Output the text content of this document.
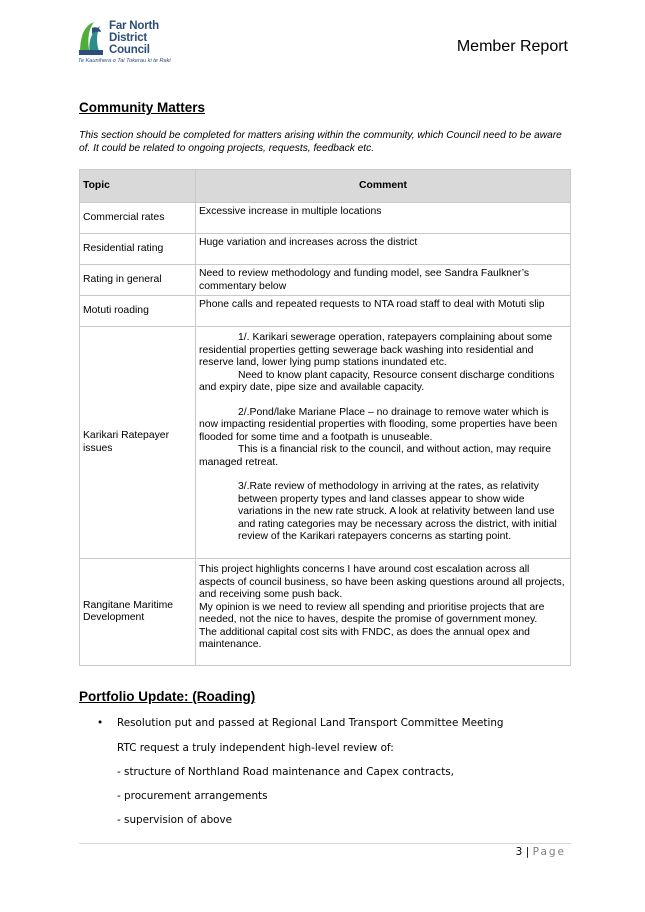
Far North
District Council
Te Kaunihera o Tai Tokerau ki te Raki
Member Report
Community Matters
This section should be completed for matters arising within the community, which Council need to be aware of. It could be related to ongoing projects, requests, feedback etc.
Topic	Comment
Commercial rates	Excessive increase in multiple locations

Residential rating	Huge variation and increases across the district

Rating in general	Need to review methodology and funding model, see Sandra Faulkner’s commentary below

Motuti roading	Phone calls and repeated requests to NTA road staff to deal with Motuti slip

Karikari Ratepayer issues	1/. Karikari sewerage operation, ratepayers complaining about some residential properties getting sewerage back washing into residential and reserve land, lower lying pump stations inundated etc.

Need to know plant capacity, Resource consent discharge conditions and expiry date, pipe size and available capacity.

2/.Pond/lake Mariane Place – no drainage to remove water which is now impacting residential properties with flooding, some properties have been flooded for some time and a footpath is unuseable.

This is a financial risk to the council, and without action, may require managed retreat.

3/.Rate review of methodology in arriving at the rates, as relativity between property types and land classes appear to show wide variations in the new rate struck. A look at relativity between land use and rating categories may be necessary across the district, with initial review of the Karikari ratepayers concerns as starting point.

Rangitane Maritime Development	This project highlights concerns I have around cost escalation across all aspects of council business, so have been asking questions around all projects, and receiving some push back.

My opinion is we need to review all spending and prioritise projects that are needed, not the nice to haves, despite the promise of government money.

The additional capital cost sits with FNDC, as does the annual opex and maintenance.

Portfolio Update: (Roading)
• Resolution put and passed at Regional Land Transport Committee Meeting
RTC request a truly independent high-level review of:
- structure of Northland Road maintenance and Capex contracts,
- procurement arrangements
- supervision of above
3 | Page
